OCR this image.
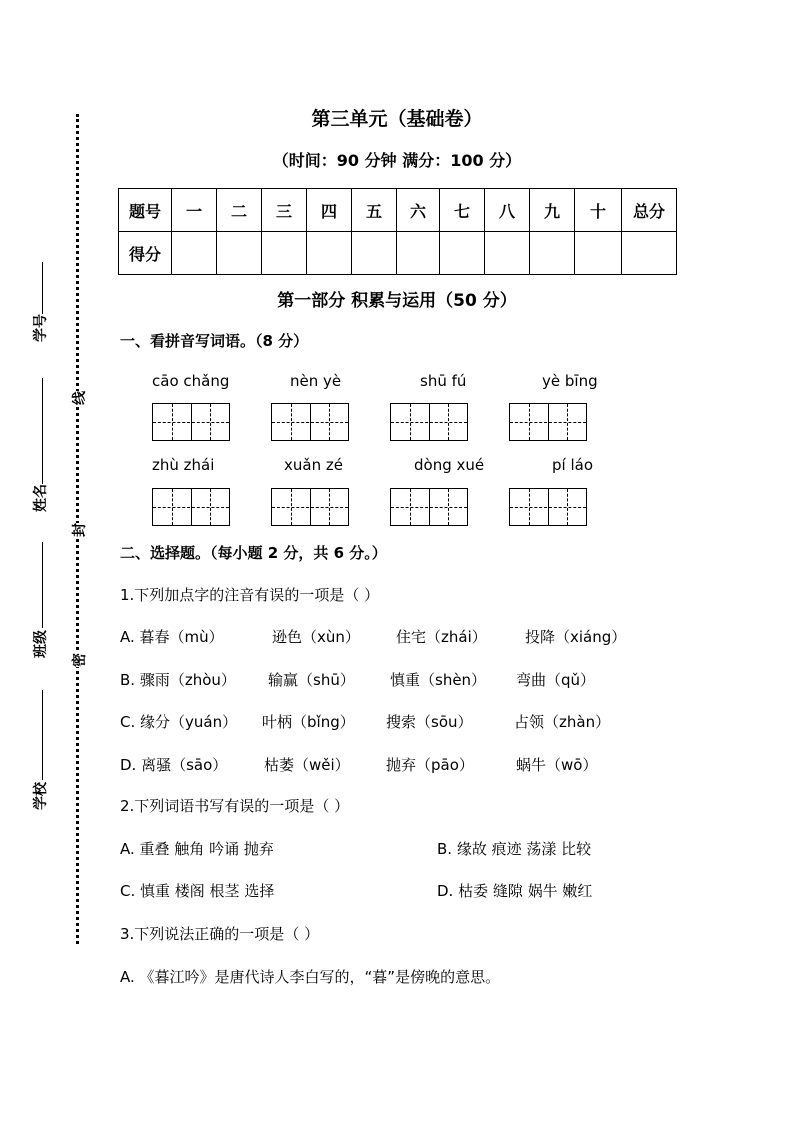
线
封
密
学号
姓名
班级
学校
第三单元（基础卷）
（时间：90 分钟 满分：100 分）
题号	一	二	三	四	五	六	七	八	九	十	总分
得分											
第一部分 积累与运用（50 分）
一、看拼音写词语。（8 分）
cāo chǎng	nèn yè	shū fú	yè bīng
zhù zhái	xuǎn zé	dòng xué	pí láo
二、选择题。（每小题 2 分，共 6 分。）
1.下列加点字的注音有误的一项是（ ）
A. 暮春（mù）	逊色（xùn） 住宅（zhái）	投降（xiáng）
B. 骤雨（zhòu） 输赢（shū） 慎重（shèn） 弯曲（qǔ）
C. 缘分（yuán） 叶柄（bǐng） 搜索（sōu）	占领（zhàn）
D. 离骚（sāo） 枯萎（wěi） 抛弃（pāo）	蜗牛（wō）
2.下列词语书写有误的一项是（ ）
A. 重叠 触角 吟诵 抛弃	B. 缘故 痕迹 荡漾 比较
C. 慎重 楼阁 根茎 选择	D. 枯委 缝隙 娲牛 嫩红
3.下列说法正确的一项是（ ）
A. 《暮江吟》是唐代诗人李白写的，“暮”是傍晚的意思。
